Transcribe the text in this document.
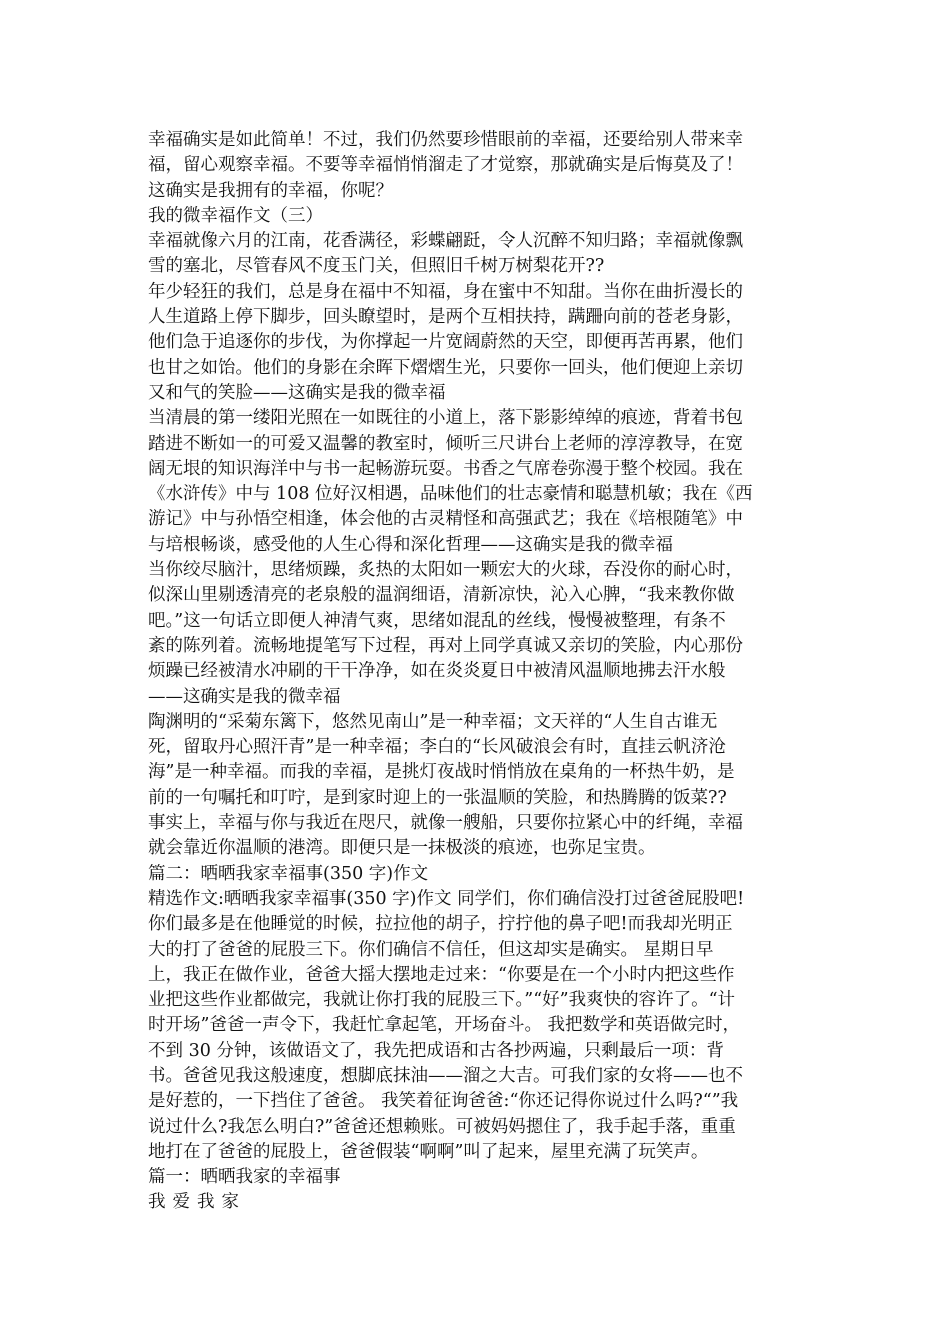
幸福确实是如此简单！不过，我们仍然要珍惜眼前的幸福，还要给别人带来幸
福，留心观察幸福。不要等幸福悄悄溜走了才觉察，那就确实是后悔莫及了！
这确实是我拥有的幸福，你呢？
我的微幸福作文（三）
幸福就像六月的江南，花香满径，彩蝶翩跹，令人沉醉不知归路；幸福就像飘
雪的塞北，尽管春风不度玉门关，但照旧千树万树梨花开??
年少轻狂的我们，总是身在福中不知福，身在蜜中不知甜。当你在曲折漫长的
人生道路上停下脚步，回头瞭望时，是两个互相扶持，蹒跚向前的苍老身影，
他们急于追逐你的步伐，为你撑起一片宽阔蔚然的天空，即便再苦再累，他们
也甘之如饴。他们的身影在余晖下熠熠生光，只要你一回头，他们便迎上亲切
又和气的笑脸——这确实是我的微幸福
当清晨的第一缕阳光照在一如既往的小道上，落下影影绰绰的痕迹，背着书包
踏进不断如一的可爱又温馨的教室时，倾听三尺讲台上老师的淳淳教导，在宽
阔无垠的知识海洋中与书一起畅游玩耍。书香之气席卷弥漫于整个校园。我在
《水浒传》中与 108 位好汉相遇，品味他们的壮志豪情和聪慧机敏；我在《西
游记》中与孙悟空相逢，体会他的古灵精怪和高强武艺；我在《培根随笔》中
与培根畅谈，感受他的人生心得和深化哲理——这确实是我的微幸福
当你绞尽脑汁，思绪烦躁，炙热的太阳如一颗宏大的火球，吞没你的耐心时，
似深山里剔透清亮的老泉般的温润细语，清新凉快，沁入心脾，“我来教你做
吧。”这一句话立即便人神清气爽，思绪如混乱的丝线，慢慢被整理，有条不
紊的陈列着。流畅地提笔写下过程，再对上同学真诚又亲切的笑脸，内心那份
烦躁已经被清水冲刷的干干净净，如在炎炎夏日中被清风温顺地拂去汗水般
——这确实是我的微幸福
陶渊明的“采菊东篱下，悠然见南山”是一种幸福；文天祥的“人生自古谁无
死，留取丹心照汗青”是一种幸福；李白的“长风破浪会有时，直挂云帆济沧
海”是一种幸福。而我的幸福，是挑灯夜战时悄悄放在桌角的一杯热牛奶，是
前的一句嘱托和叮咛，是到家时迎上的一张温顺的笑脸，和热腾腾的饭菜??
事实上，幸福与你与我近在咫尺，就像一艘船，只要你拉紧心中的纤绳，幸福
就会靠近你温顺的港湾。即便只是一抹极淡的痕迹，也弥足宝贵。
篇二：晒晒我家幸福事(350 字)作文
精选作文:晒晒我家幸福事(350 字)作文 同学们，你们确信没打过爸爸屁股吧!
你们最多是在他睡觉的时候，拉拉他的胡子，拧拧他的鼻子吧!而我却光明正
大的打了爸爸的屁股三下。你们确信不信任，但这却实是确实。 星期日早
上，我正在做作业，爸爸大摇大摆地走过来：“你要是在一个小时内把这些作
业把这些作业都做完，我就让你打我的屁股三下。”“好”我爽快的容许了。“计
时开场”爸爸一声令下，我赶忙拿起笔，开场奋斗。 我把数学和英语做完时，
不到 30 分钟，该做语文了，我先把成语和古各抄两遍，只剩最后一项：背
书。爸爸见我这般速度，想脚底抹油——溜之大吉。可我们家的女将——也不
是好惹的，一下挡住了爸爸。 我笑着征询爸爸:“你还记得你说过什么吗?“”我
说过什么?我怎么明白?”爸爸还想赖账。可被妈妈摁住了，我手起手落，重重
地打在了爸爸的屁股上，爸爸假装“啊啊”叫了起来，屋里充满了玩笑声。
篇一：晒晒我家的幸福事
我爱我家
